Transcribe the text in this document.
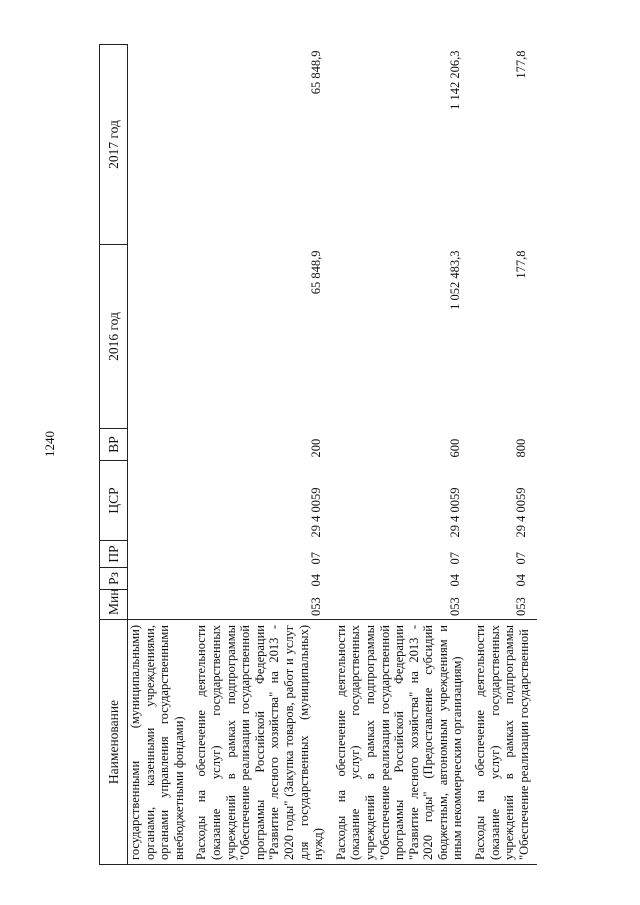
1240
Наименование	Мин	Рз	ПР	ЦСР	ВР	2016 год	2017 год
государственными (муниципальными) органами, казенными учреждениями, органами управления государственными внебюджетными фондами)							
Расходы на обеспечение деятельности (оказание услуг) государственных учреждений в рамках подпрограммы "Обеспечение реализации государственной программы Российской Федерации "Развитие лесного хозяйства" на 2013 - 2020 годы" (Закупка товаров, работ и услуг для государственных (муниципальных) нужд)	053	04	07	29 4 0059	200	65 848,9	65 848,9
Расходы на обеспечение деятельности (оказание услуг) государственных учреждений в рамках подпрограммы "Обеспечение реализации государственной программы Российской Федерации "Развитие лесного хозяйства" на 2013 - 2020 годы" (Предоставление субсидий бюджетным, автономным учреждениям и иным некоммерческим организациям)	053	04	07	29 4 0059	600	1 052 483,3	1 142 206,3
Расходы на обеспечение деятельности (оказание услуг) государственных учреждений в рамках подпрограммы "Обеспечение реализации государственной	053	04	07	29 4 0059	800	177,8	177,8
